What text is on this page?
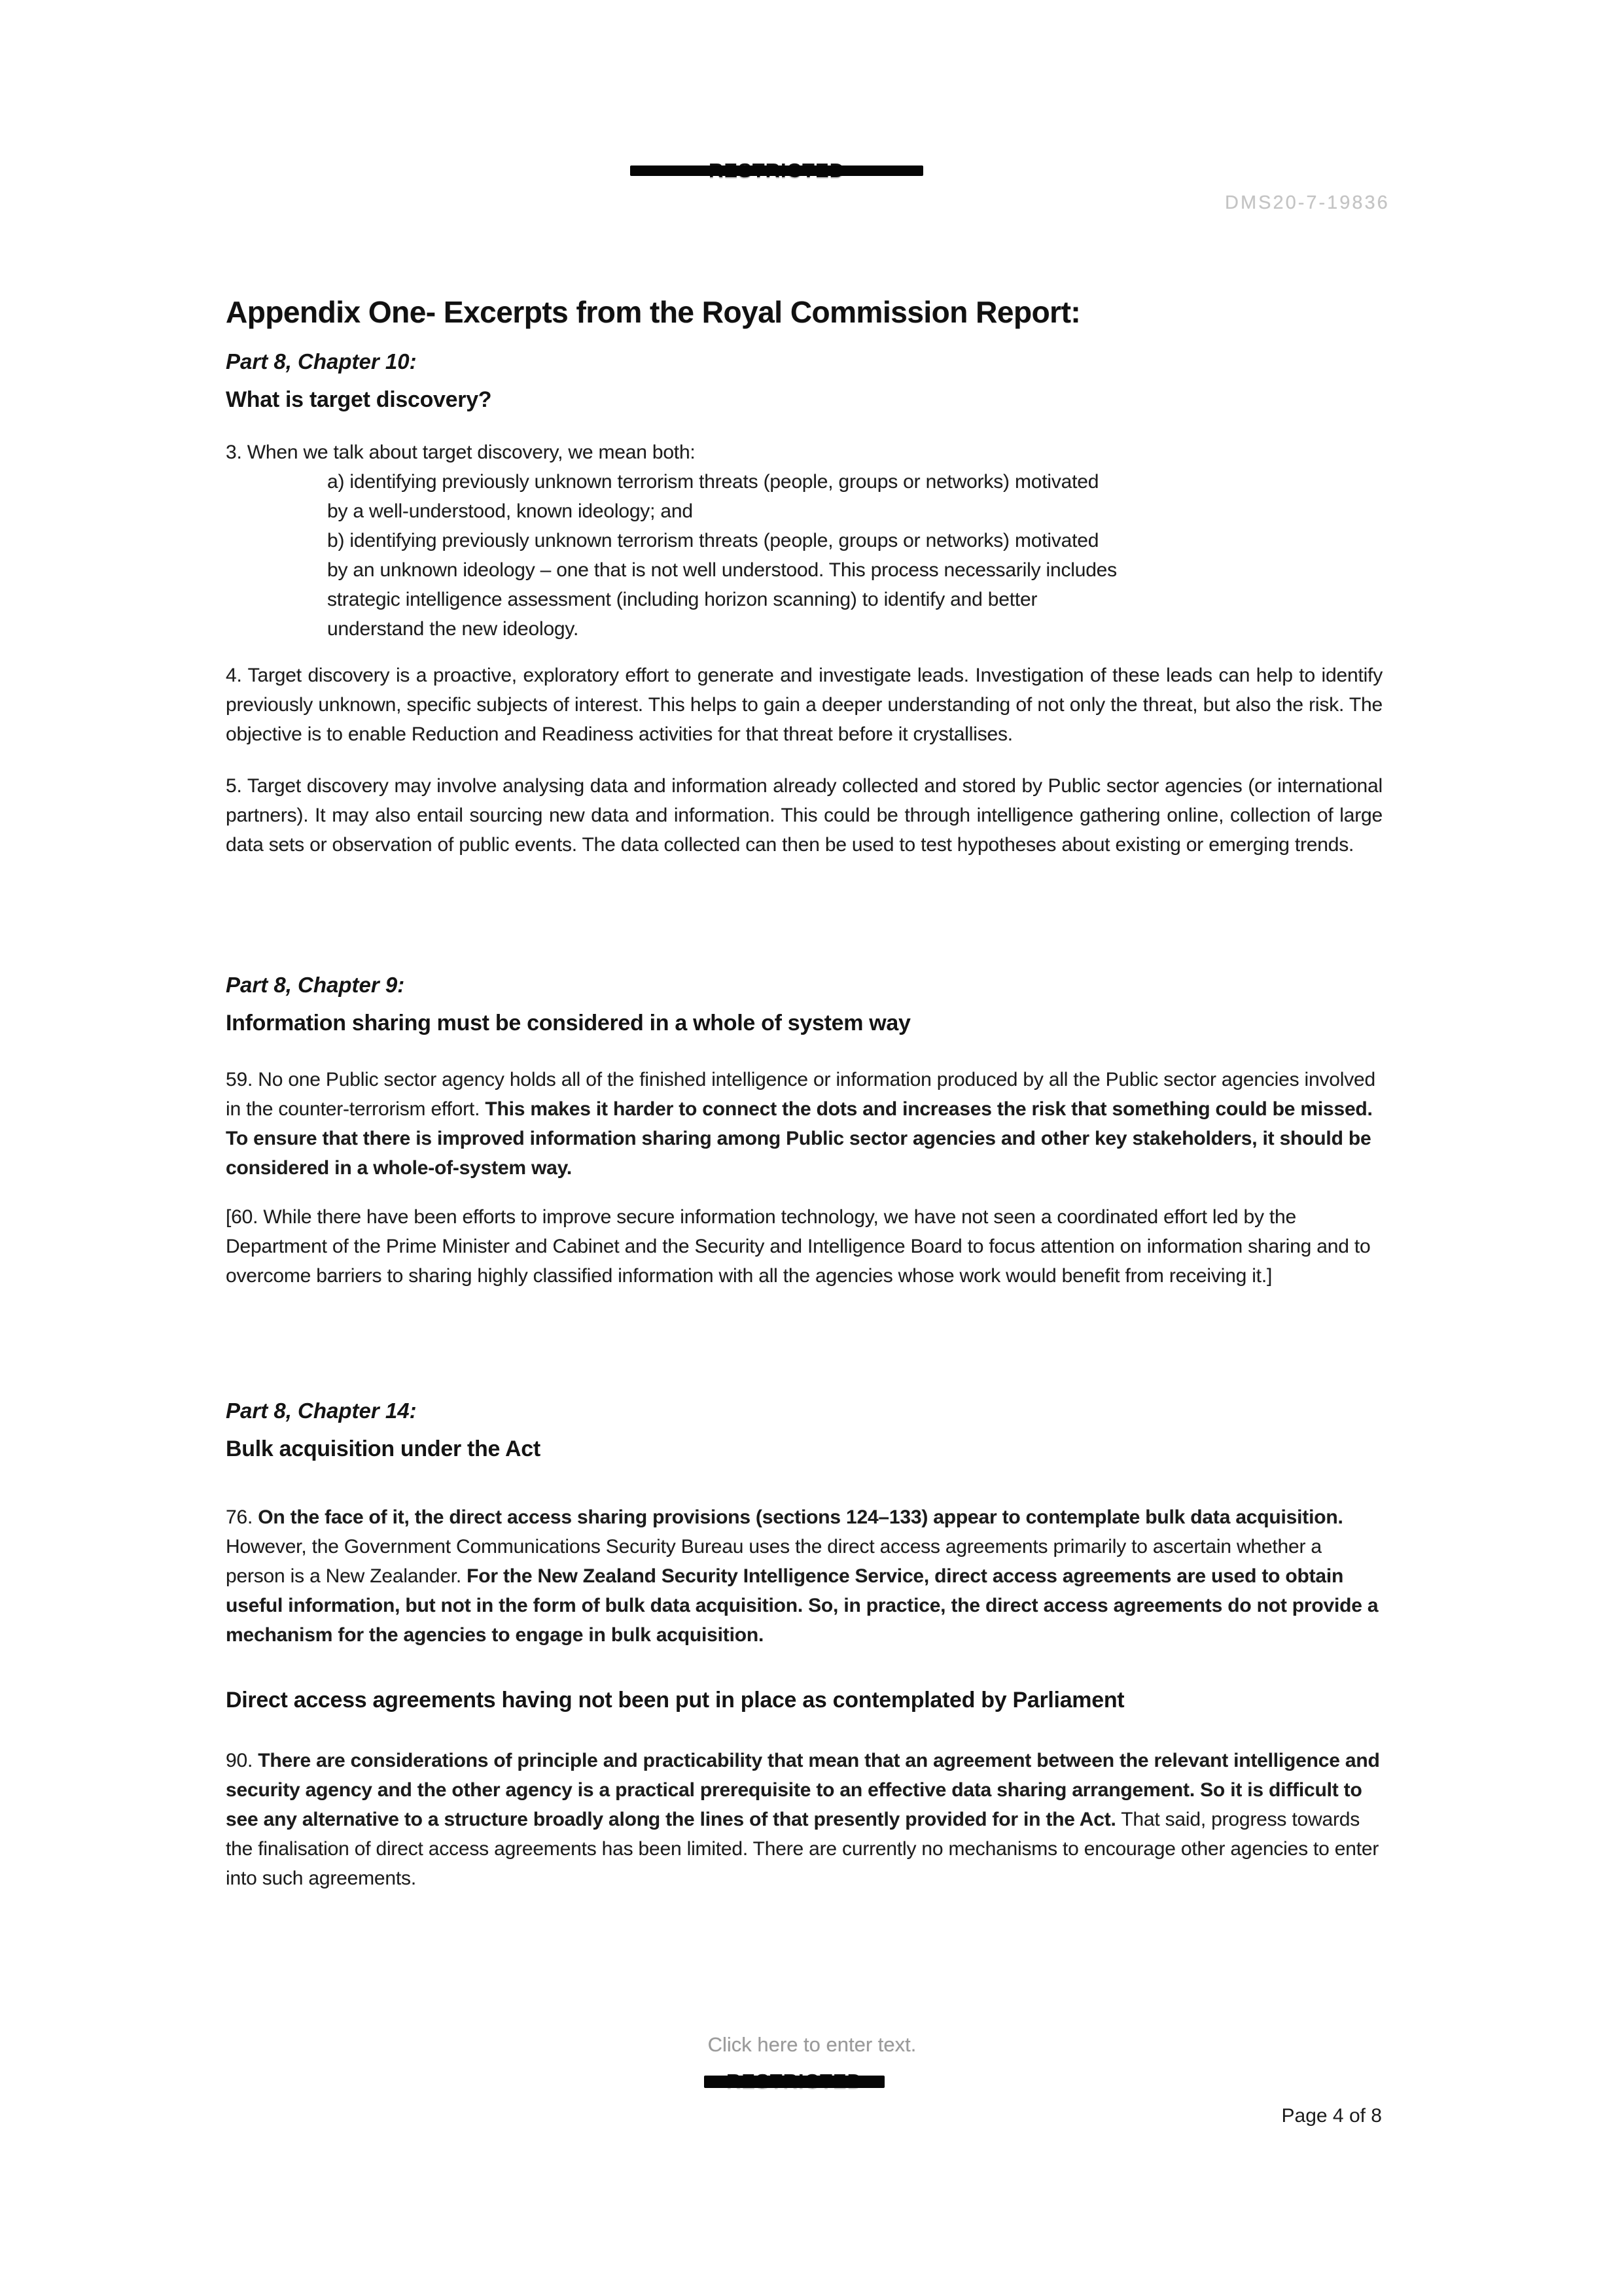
DMS20-7-19836
Appendix One- Excerpts from the Royal Commission Report:
Part 8, Chapter 10:
What is target discovery?
3. When we talk about target discovery, we mean both:
a) identifying previously unknown terrorism threats (people, groups or networks) motivated by a well-understood, known ideology; and
b) identifying previously unknown terrorism threats (people, groups or networks) motivated by an unknown ideology – one that is not well understood. This process necessarily includes strategic intelligence assessment (including horizon scanning) to identify and better understand the new ideology.
4. Target discovery is a proactive, exploratory effort to generate and investigate leads. Investigation of these leads can help to identify previously unknown, specific subjects of interest. This helps to gain a deeper understanding of not only the threat, but also the risk. The objective is to enable Reduction and Readiness activities for that threat before it crystallises.
5. Target discovery may involve analysing data and information already collected and stored by Public sector agencies (or international partners). It may also entail sourcing new data and information. This could be through intelligence gathering online, collection of large data sets or observation of public events. The data collected can then be used to test hypotheses about existing or emerging trends.
Part 8, Chapter 9:
Information sharing must be considered in a whole of system way
59. No one Public sector agency holds all of the finished intelligence or information produced by all the Public sector agencies involved in the counter-terrorism effort. This makes it harder to connect the dots and increases the risk that something could be missed. To ensure that there is improved information sharing among Public sector agencies and other key stakeholders, it should be considered in a whole-of-system way.
[60. While there have been efforts to improve secure information technology, we have not seen a coordinated effort led by the Department of the Prime Minister and Cabinet and the Security and Intelligence Board to focus attention on information sharing and to overcome barriers to sharing highly classified information with all the agencies whose work would benefit from receiving it.]
Part 8, Chapter 14:
Bulk acquisition under the Act
76. On the face of it, the direct access sharing provisions (sections 124–133) appear to contemplate bulk data acquisition. However, the Government Communications Security Bureau uses the direct access agreements primarily to ascertain whether a person is a New Zealander. For the New Zealand Security Intelligence Service, direct access agreements are used to obtain useful information, but not in the form of bulk data acquisition. So, in practice, the direct access agreements do not provide a mechanism for the agencies to engage in bulk acquisition.
Direct access agreements having not been put in place as contemplated by Parliament
90. There are considerations of principle and practicability that mean that an agreement between the relevant intelligence and security agency and the other agency is a practical prerequisite to an effective data sharing arrangement. So it is difficult to see any alternative to a structure broadly along the lines of that presently provided for in the Act. That said, progress towards the finalisation of direct access agreements has been limited. There are currently no mechanisms to encourage other agencies to enter into such agreements.
Click here to enter text.
Page 4 of 8
